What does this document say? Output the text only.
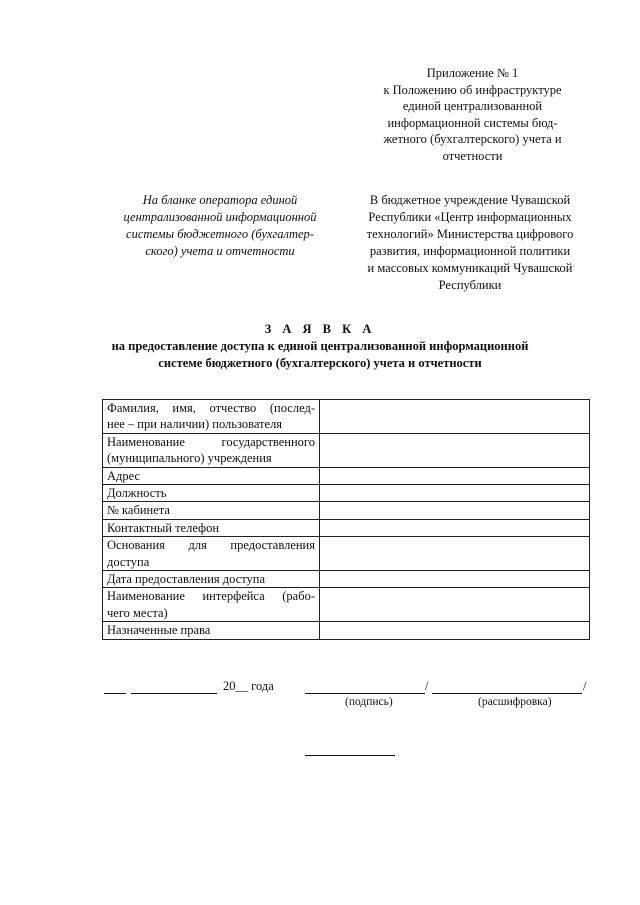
Приложение № 1
к Положению об инфраструктуре
единой централизованной
информационной системы бюд-
жетного (бухгалтерского) учета и
отчетности
На бланке оператора единой
централизованной информационной
системы бюджетного (бухгалтер-
ского) учета и отчетности
В бюджетное учреждение Чувашской
Республики «Центр информационных
технологий» Министерства цифрового
развития, информационной политики
и массовых коммуникаций Чувашской
Республики
З А Я В К А
на предоставление доступа к единой централизованной информационной
системе бюджетного (бухгалтерского) учета и отчетности
Фамилия, имя, отчество (послед-
нее – при наличии) пользователя	

Наименование государственного
(муниципального) учреждения	

Адрес	

Должность	

№ кабинета	

Контактный телефон	

Основания для предоставления
доступа	

Дата предоставления доступа	

Наименование интерфейса (рабо-
чего места)	

Назначенные права	

20__ года	/	/
(подпись)	(расшифровка)
